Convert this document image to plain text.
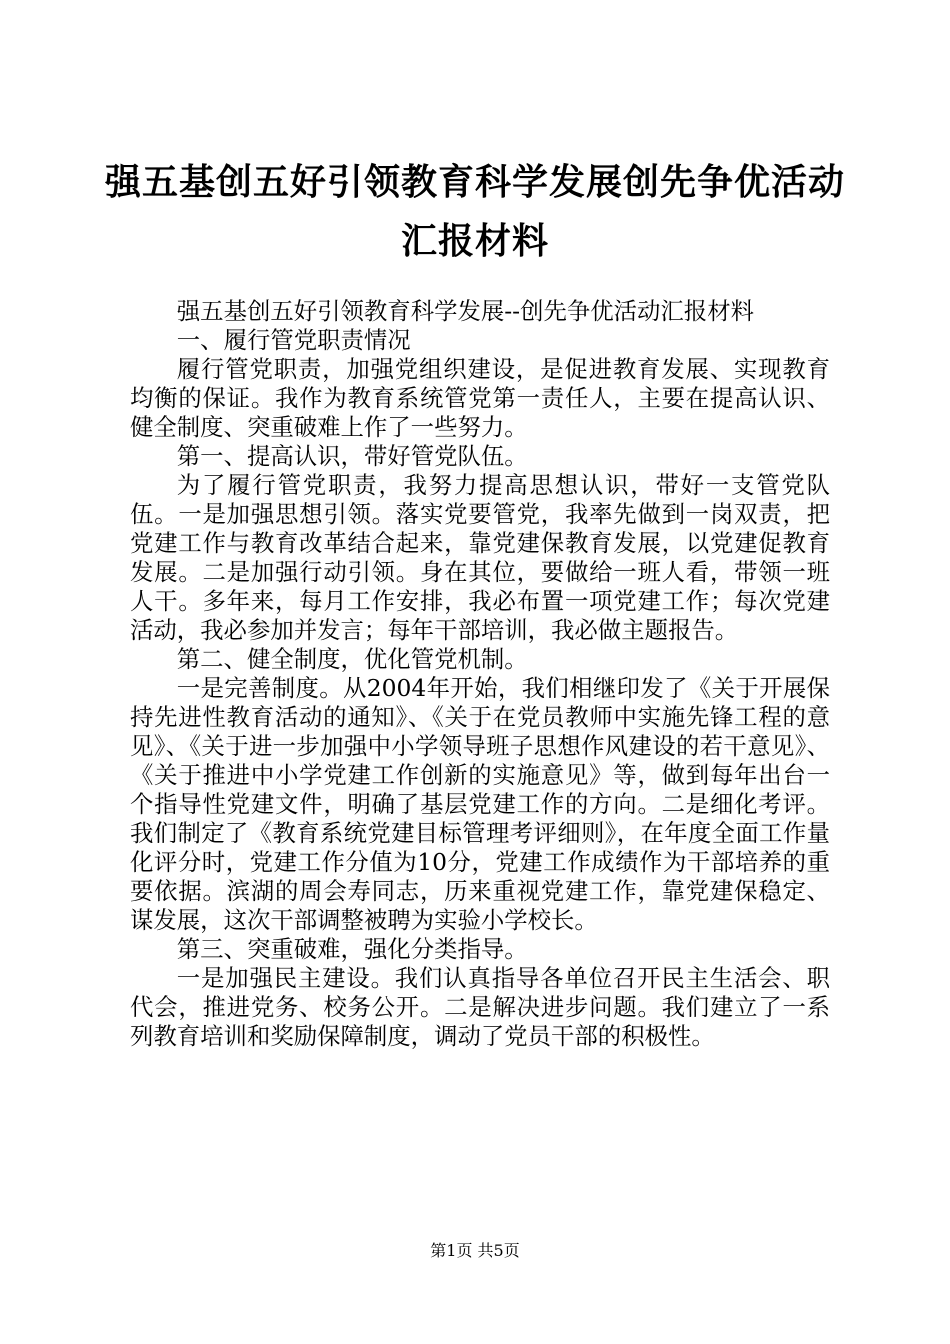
强五基创五好引领教育科学发展创先争优活动
汇报材料

强五基创五好引领教育科学发展--创先争优活动汇报材料

一、履行管党职责情况

履行管党职责，加强党组织建设，是促进教育发展、实现教育均衡的保证。我作为教育系统管党第一责任人，主要在提高认识、健全制度、突重破难上作了一些努力。

第一、提高认识，带好管党队伍。

为了履行管党职责，我努力提高思想认识，带好一支管党队伍。一是加强思想引领。落实党要管党，我率先做到一岗双责，把党建工作与教育改革结合起来，靠党建保教育发展，以党建促教育发展。二是加强行动引领。身在其位，要做给一班人看，带领一班人干。多年来，每月工作安排，我必布置一项党建工作；每次党建活动，我必参加并发言；每年干部培训，我必做主题报告。

第二、健全制度，优化管党机制。

一是完善制度。从2004年开始，我们相继印发了《关于开展保持先进性教育活动的通知》、《关于在党员教师中实施先锋工程的意见》、《关于进一步加强中小学领导班子思想作风建设的若干意见》、《关于推进中小学党建工作创新的实施意见》等，做到每年出台一个指导性党建文件，明确了基层党建工作的方向。二是细化考评。我们制定了《教育系统党建目标管理考评细则》，在年度全面工作量化评分时，党建工作分值为10分，党建工作成绩作为干部培养的重要依据。滨湖的周会寿同志，历来重视党建工作，靠党建保稳定、谋发展，这次干部调整被聘为实验小学校长。

第三、突重破难，强化分类指导。

一是加强民主建设。我们认真指导各单位召开民主生活会、职代会，推进党务、校务公开。二是解决进步问题。我们建立了一系列教育培训和奖励保障制度，调动了党员干部的积极性。

第1页 共5页
